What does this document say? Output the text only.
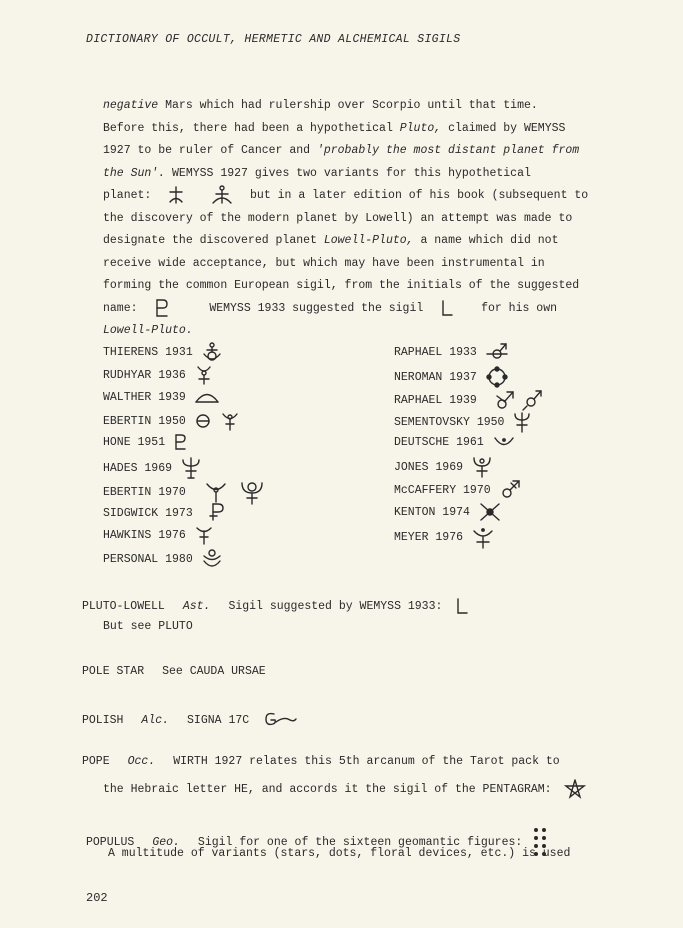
DICTIONARY OF OCCULT, HERMETIC AND ALCHEMICAL SIGILS
negative Mars which had rulership over Scorpio until that time.
Before this, there had been a hypothetical Pluto, claimed by WEMYSS
1927 to be ruler of Cancer and 'probably the most distant planet from
the Sun'. WEMYSS 1927 gives two variants for this hypothetical
planet:	but in a later edition of his book (subsequent to
the discovery of the modern planet by Lowell) an attempt was made to
designate the discovered planet Lowell-Pluto, a name which did not
receive wide acceptance, but which may have been instrumental in
forming the common European sigil, from the initials of the suggested
name:	WEMYSS 1933 suggested the sigil	for his own
Lowell-Pluto.
THIERENS 1931
RUDHYAR 1936
WALTHER 1939
EBERTIN 1950
HONE 1951
HADES 1969
EBERTIN 1970
SIDGWICK 1973
HAWKINS 1976
PERSONAL 1980
RAPHAEL 1933
NEROMAN 1937
RAPHAEL 1939
SEMENTOVSKY 1950
DEUTSCHE 1961
JONES 1969
McCAFFERY 1970
KENTON 1974
MEYER 1976
PLUTO-LOWELL Ast. Sigil suggested by WEMYSS 1933:
But see PLUTO
POLE STAR See CAUDA URSAE
POLISH Alc. SIGNA 17C
POPE Occ. WIRTH 1927 relates this 5th arcanum of the Tarot pack to
the Hebraic letter HE, and accords it the sigil of the PENTAGRAM:
POPULUS Geo. Sigil for one of the sixteen geomantic figures:
A multitude of variants (stars, dots, floral devices, etc.) is used
202
